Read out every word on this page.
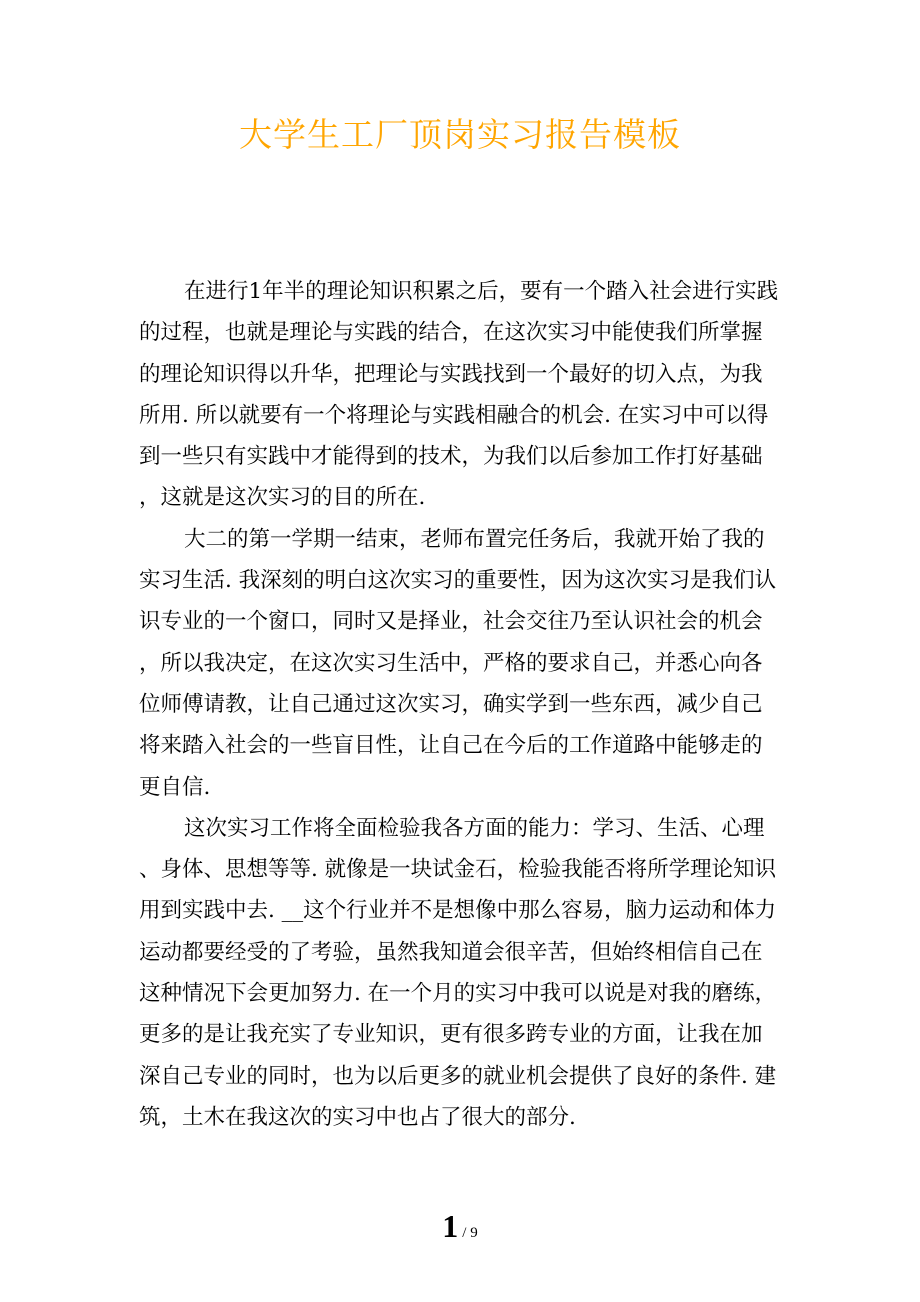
大学生工厂顶岗实习报告模板

在进行1年半的理论知识积累之后，要有一个踏入社会进行实践
的过程，也就是理论与实践的结合，在这次实习中能使我们所掌握
的理论知识得以升华，把理论与实践找到一个最好的切入点，为我
所用. 所以就要有一个将理论与实践相融合的机会. 在实习中可以得
到一些只有实践中才能得到的技术，为我们以后参加工作打好基础
，这就是这次实习的目的所在.

大二的第一学期一结束，老师布置完任务后，我就开始了我的
实习生活. 我深刻的明白这次实习的重要性，因为这次实习是我们认
识专业的一个窗口，同时又是择业，社会交往乃至认识社会的机会
，所以我决定，在这次实习生活中，严格的要求自己，并悉心向各
位师傅请教，让自己通过这次实习，确实学到一些东西，减少自己
将来踏入社会的一些盲目性，让自己在今后的工作道路中能够走的
更自信.

这次实习工作将全面检验我各方面的能力：学习、生活、心理
、身体、思想等等. 就像是一块试金石，检验我能否将所学理论知识
用到实践中去. __这个行业并不是想像中那么容易，脑力运动和体力
运动都要经受的了考验，虽然我知道会很辛苦，但始终相信自己在
这种情况下会更加努力. 在一个月的实习中我可以说是对我的磨练，
更多的是让我充实了专业知识，更有很多跨专业的方面，让我在加
深自己专业的同时，也为以后更多的就业机会提供了良好的条件. 建
筑，土木在我这次的实习中也占了很大的部分.

1 / 9
